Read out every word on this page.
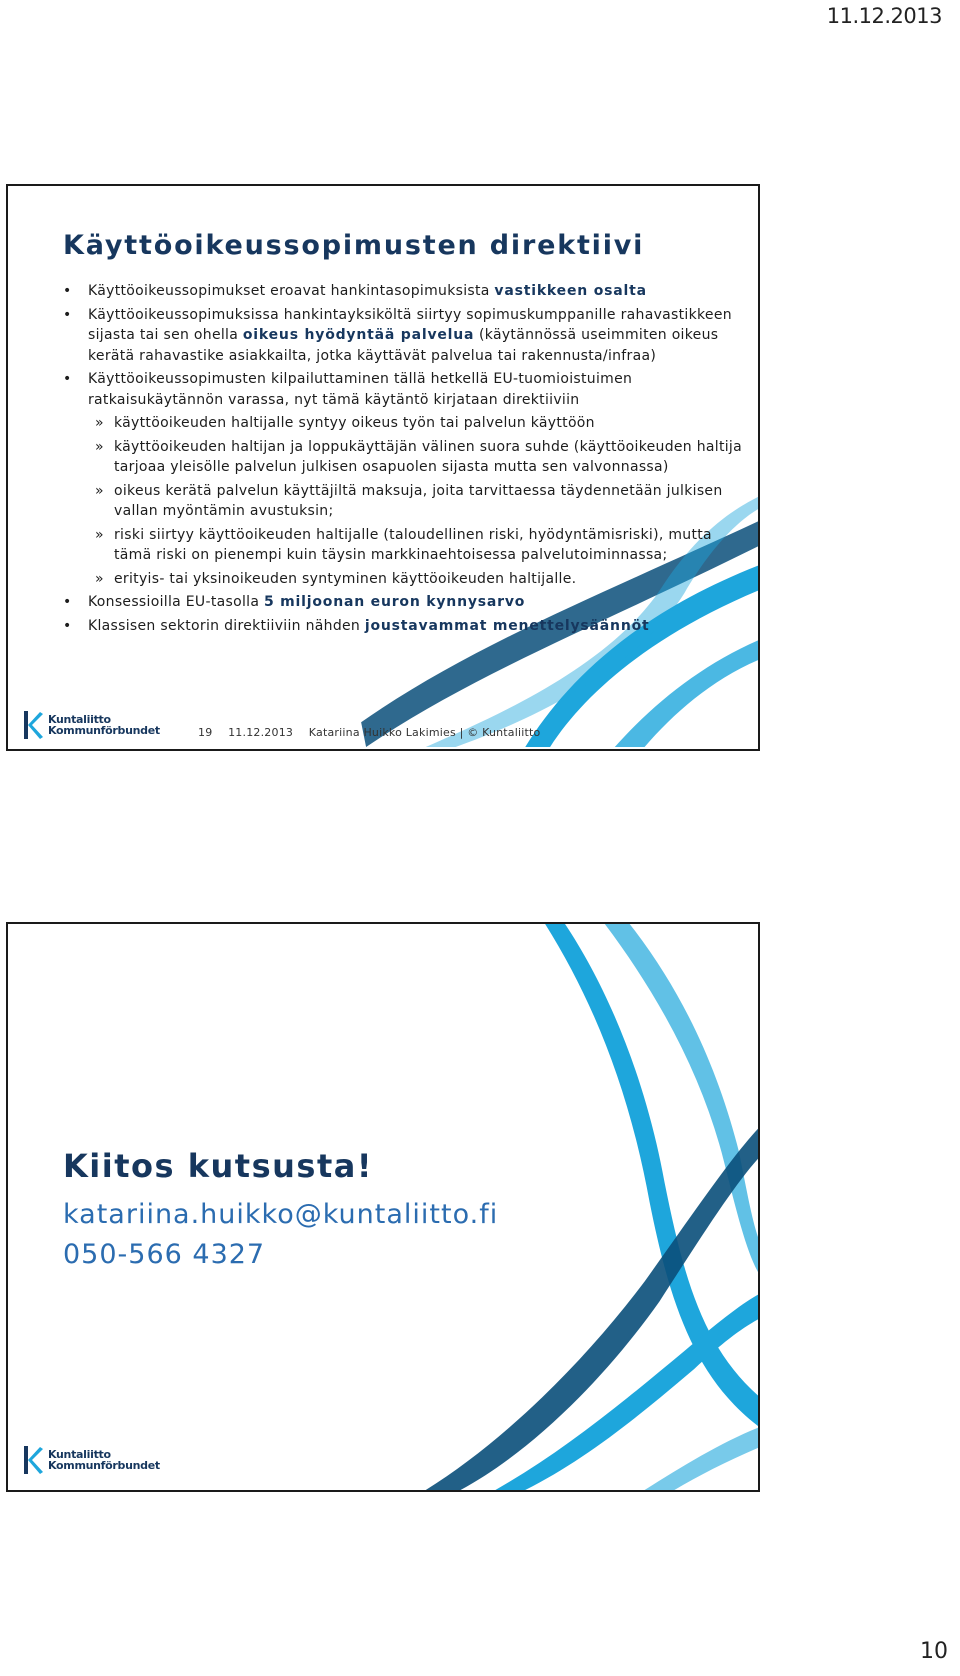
11.12.2013
Käyttöoikeussopimusten direktiivi
• Käyttöoikeussopimukset eroavat hankintasopimuksista vastikkeen osalta
• Käyttöoikeussopimuksissa hankintayksiköltä siirtyy sopimuskumppanille rahavastikkeen sijasta tai sen ohella oikeus hyödyntää palvelua (käytännössä useimmiten oikeus kerätä rahavastike asiakkailta, jotka käyttävät palvelua tai rakennusta/infraa)
• Käyttöoikeussopimusten kilpailuttaminen tällä hetkellä EU-tuomioistuimen ratkaisukäytännön varassa, nyt tämä käytäntö kirjataan direktiiviin
» käyttöoikeuden haltijalle syntyy oikeus työn tai palvelun käyttöön
» käyttöoikeuden haltijan ja loppukäyttäjän välinen suora suhde (käyttöoikeuden haltija tarjoaa yleisölle palvelun julkisen osapuolen sijasta mutta sen valvonnassa)
» oikeus kerätä palvelun käyttäjiltä maksuja, joita tarvittaessa täydennetään julkisen vallan myöntämin avustuksin;
» riski siirtyy käyttöoikeuden haltijalle (taloudellinen riski, hyödyntämisriski), mutta tämä riski on pienempi kuin täysin markkinaehtoisessa palvelutoiminnassa;
» erityis- tai yksinoikeuden syntyminen käyttöoikeuden haltijalle.
• Konsessioilla EU-tasolla 5 miljoonan euron kynnysarvo
• Klassisen sektorin direktiiviin nähden joustavammat menettelysäännöt
Kuntaliitto
Kommunförbundet	19 11.12.2013 Katariina Huikko Lakimies | © Kuntaliitto
Kiitos kutsusta!
katariina.huikko@kuntaliitto.fi
050-566 4327
Kuntaliitto
Kommunförbundet
10
